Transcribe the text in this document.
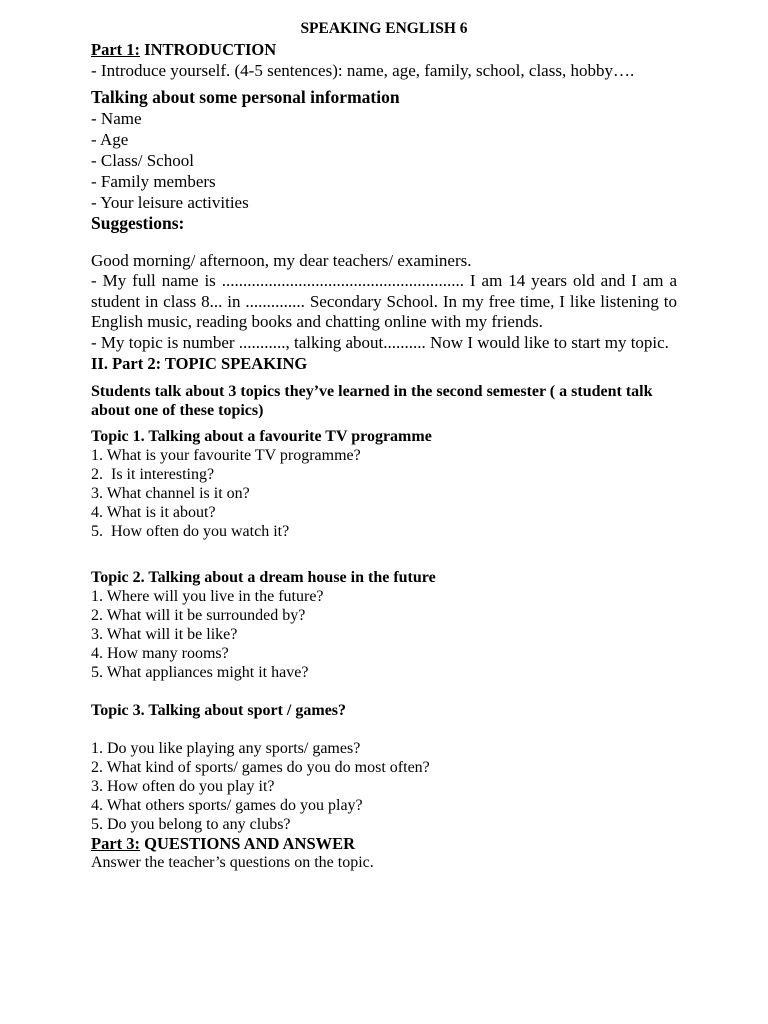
SPEAKING ENGLISH 6
Part 1: INTRODUCTION
- Introduce yourself. (4-5 sentences): name, age, family, school, class, hobby….
Talking about some personal information
- Name
- Age
- Class/ School
- Family members
- Your leisure activities
Suggestions:
Good morning/ afternoon, my dear teachers/ examiners.
- My full name is ......................................................... I am 14 years old and I am a student in class 8... in .............. Secondary School. In my free time, I like listening to English music, reading books and chatting online with my friends.
- My topic is number ..........., talking about.......... Now I would like to start my topic.
II. Part 2: TOPIC SPEAKING
Students talk about 3 topics they’ve learned in the second semester ( a student talk about one of these topics)
Topic 1. Talking about a favourite TV programme
1. What is your favourite TV programme?
2.  Is it interesting?
3. What channel is it on?
4. What is it about?
5.  How often do you watch it?
Topic 2. Talking about a dream house in the future
1. Where will you live in the future?
2. What will it be surrounded by?
3. What will it be like?
4. How many rooms?
5. What appliances might it have?
Topic 3. Talking about sport / games?
1. Do you like playing any sports/ games?
2. What kind of sports/ games do you do most often?
3. How often do you play it?
4. What others sports/ games do you play?
5. Do you belong to any clubs?
Part 3: QUESTIONS AND ANSWER
Answer the teacher’s questions on the topic.
